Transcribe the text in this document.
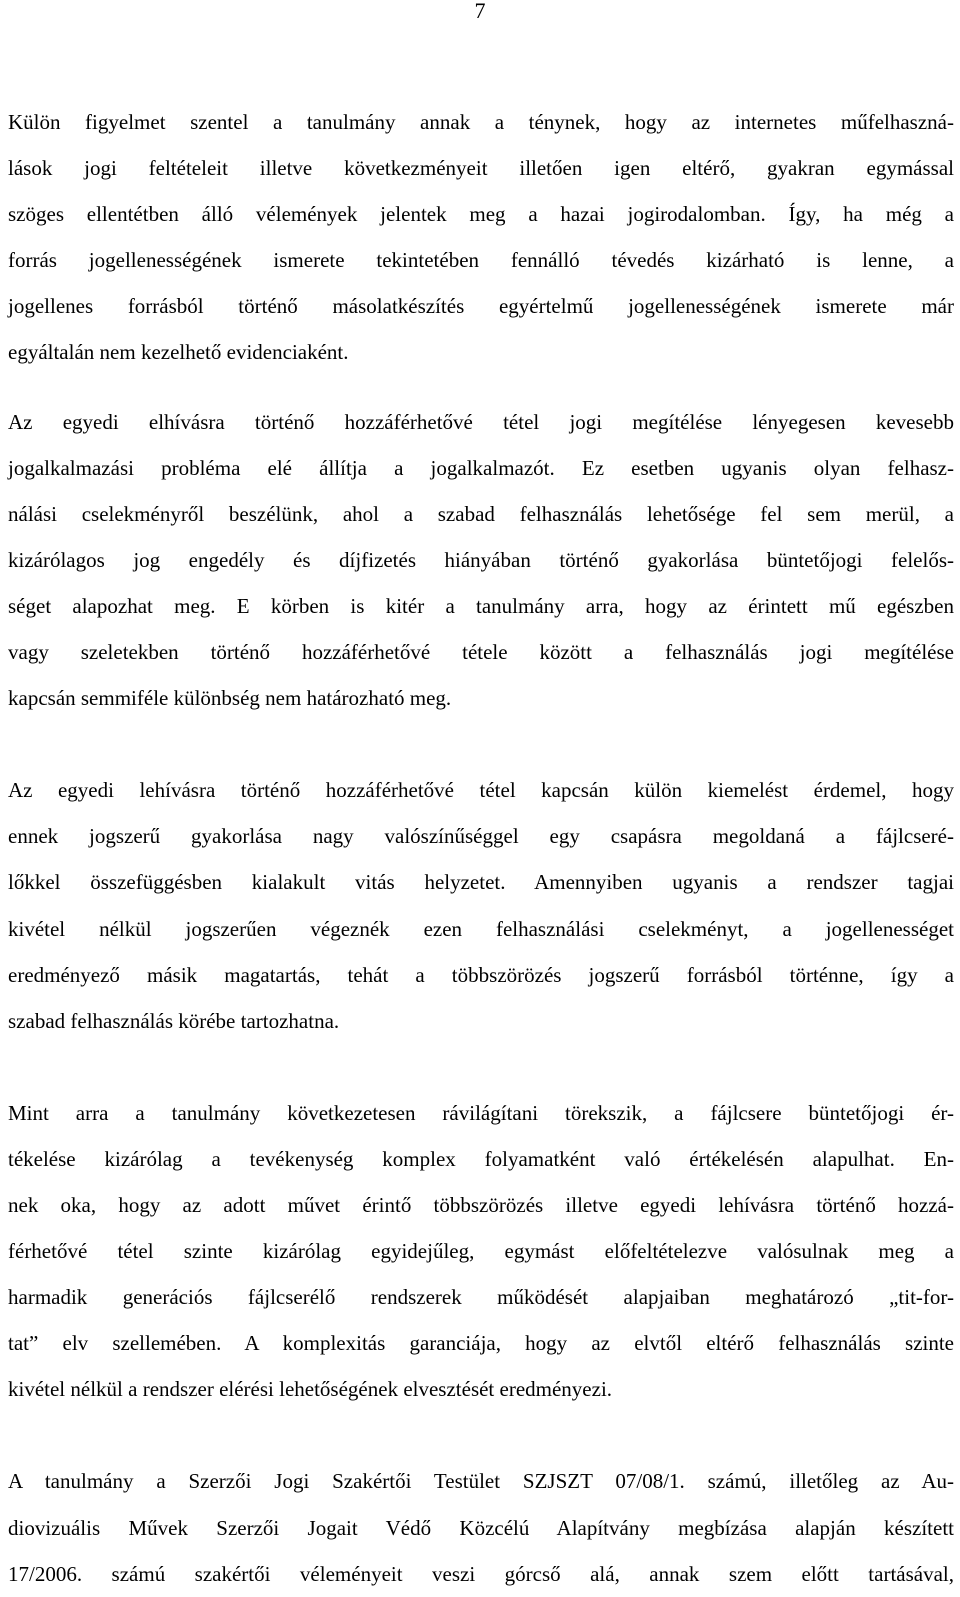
7

Külön figyelmet szentel a tanulmány annak a ténynek, hogy az internetes műfelhaszná-
lások jogi feltételeit illetve következményeit illetően igen eltérő, gyakran egymással
szöges ellentétben álló vélemények jelentek meg a hazai jogirodalomban. Így, ha még a
forrás jogellenességének ismerete tekintetében fennálló tévedés kizárható is lenne, a
jogellenes forrásból történő másolatkészítés egyértelmű jogellenességének ismerete már
egyáltalán nem kezelhető evidenciaként.

Az egyedi elhívásra történő hozzáférhetővé tétel jogi megítélése lényegesen kevesebb
jogalkalmazási probléma elé állítja a jogalkalmazót. Ez esetben ugyanis olyan felhasz-
nálási cselekményről beszélünk, ahol a szabad felhasználás lehetősége fel sem merül, a
kizárólagos jog engedély és díjfizetés hiányában történő gyakorlása büntetőjogi felelős-
séget alapozhat meg. E körben is kitér a tanulmány arra, hogy az érintett mű egészben
vagy szeletekben történő hozzáférhetővé tétele között a felhasználás jogi megítélése
kapcsán semmiféle különbség nem határozható meg.

Az egyedi lehívásra történő hozzáférhetővé tétel kapcsán külön kiemelést érdemel, hogy
ennek jogszerű gyakorlása nagy valószínűséggel egy csapásra megoldaná a fájlcseré-
lőkkel összefüggésben kialakult vitás helyzetet. Amennyiben ugyanis a rendszer tagjai
kivétel nélkül jogszerűen végeznék ezen felhasználási cselekményt, a jogellenességet
eredményező másik magatartás, tehát a többszörözés jogszerű forrásból történne, így a
szabad felhasználás körébe tartozhatna.

Mint arra a tanulmány következetesen rávilágítani törekszik, a fájlcsere büntetőjogi ér-
tékelése kizárólag a tevékenység komplex folyamatként való értékelésén alapulhat. En-
nek oka, hogy az adott művet érintő többszörözés illetve egyedi lehívásra történő hozzá-
férhetővé tétel szinte kizárólag egyidejűleg, egymást előfeltételezve valósulnak meg a
harmadik generációs fájlcserélő rendszerek működését alapjaiban meghatározó „tit-for-
tat” elv szellemében. A komplexitás garanciája, hogy az elvtől eltérő felhasználás szinte
kivétel nélkül a rendszer elérési lehetőségének elvesztését eredményezi.

A tanulmány a Szerzői Jogi Szakértői Testület SZJSZT 07/08/1. számú, illetőleg az Au-
diovizuális Művek Szerzői Jogait Védő Közcélú Alapítvány megbízása alapján készített
17/2006. számú szakértői véleményeit veszi górcső alá, annak szem előtt tartásával,
